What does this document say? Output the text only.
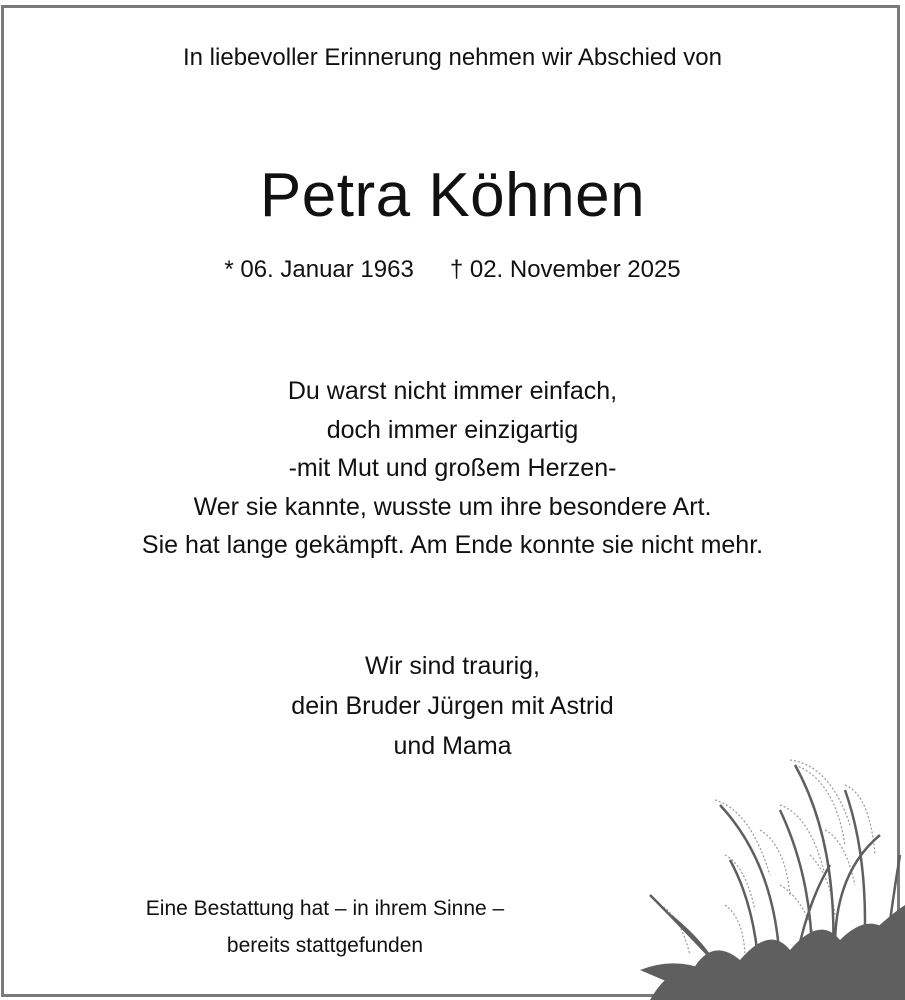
In liebevoller Erinnerung nehmen wir Abschied von
Petra Köhnen
* 06. Januar 1963 † 02. November 2025
Du warst nicht immer einfach,
doch immer einzigartig
-mit Mut und großem Herzen-
Wer sie kannte, wusste um ihre besondere Art.
Sie hat lange gekämpft. Am Ende konnte sie nicht mehr.
Wir sind traurig,
dein Bruder Jürgen mit Astrid
und Mama
Eine Bestattung hat – in ihrem Sinne –
bereits stattgefunden
